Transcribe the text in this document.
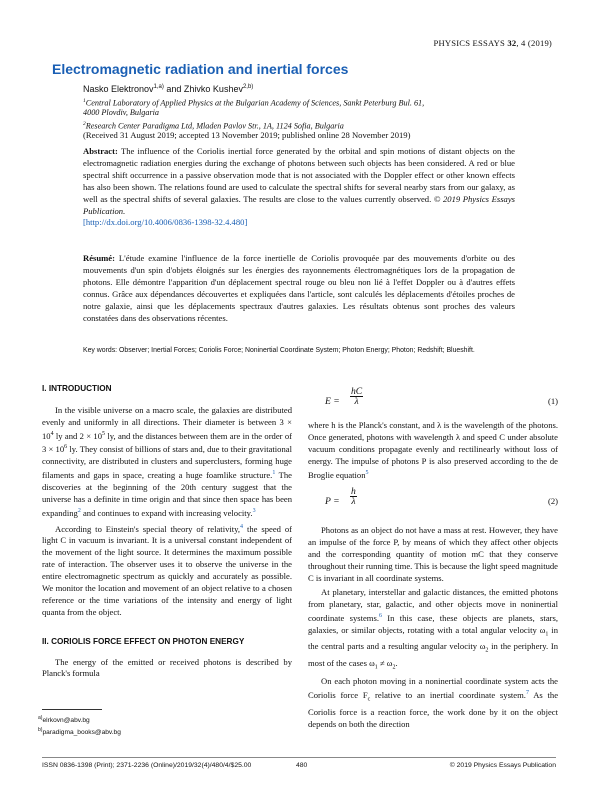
PHYSICS ESSAYS 32, 4 (2019)
Electromagnetic radiation and inertial forces
Nasko Elektronov$^{1,a)}$ and Zhivko Kushev$^{2,b)}$
$^1$Central Laboratory of Applied Physics at the Bulgarian Academy of Sciences, Sankt Peterburg Bul. 61,
4000 Plovdiv, Bulgaria
$^2$Research Center Paradigma Ltd, Mladen Pavlov Str., 1A, 1124 Sofia, Bulgaria
(Received 31 August 2019; accepted 13 November 2019; published online 28 November 2019)
Abstract: The influence of the Coriolis inertial force generated by the orbital and spin motions of distant objects on the electromagnetic radiation energies during the exchange of photons between such objects has been considered. A red or blue spectral shift occurrence in a passive observation mode that is not associated with the Doppler effect or other known effects has also been shown. The relations found are used to calculate the spectral shifts for several nearby stars from our galaxy, as well as the spectral shifts of several galaxies. The results are close to the values currently observed. © 2019 Physics Essays Publication.
[http://dx.doi.org/10.4006/0836-1398-32.4.480]
Résumé: L'étude examine l'influence de la force inertielle de Coriolis provoquée par des mouvements d'orbite ou des mouvements d'un spin d'objets éloignés sur les énergies des rayonnements électromagnétiques lors de la propagation de photons. Elle démontre l'apparition d'un déplacement spectral rouge ou bleu non lié à l'effet Doppler ou à d'autres effets connus. Grâce aux dépendances découvertes et expliquées dans l'article, sont calculés les déplacements d'étoiles proches de notre galaxie, ainsi que les déplacements spectraux d'autres galaxies. Les résultats obtenus sont proches des valeurs constatées dans des observations récentes.
Key words: Observer; Inertial Forces; Coriolis Force; Noninertial Coordinate System; Photon Energy; Photon; Redshift; Blueshift.
I. INTRODUCTION

In the visible universe on a macro scale, the galaxies are distributed evenly and uniformly in all directions. Their diameter is between $3 \times 10^4$ ly and $2 \times 10^5$ ly, and the distances between them are in the order of $3 \times 10^6$ ly. They consist of billions of stars and, due to their gravitational connectivity, are distributed in clusters and superclusters, forming huge filaments and gaps in space, creating a huge foamlike structure.$^1$ The discoveries at the beginning of the 20th century suggest that the universe has a definite in time origin and that since then space has been expanding$^2$ and continues to expand with increasing velocity.$^3$

According to Einstein's special theory of relativity,$^4$ the speed of light C in vacuum is invariant. It is a universal constant independent of the movement of the light source. It determines the maximum possible rate of interaction. The observer uses it to observe the universe in the entire electromagnetic spectrum as quickly and accurately as possible. We monitor the location and movement of an object relative to a chosen reference or the time variations of the intensity and energy of light quanta from the object.

II. CORIOLIS FORCE EFFECT ON PHOTON ENERGY

The energy of the emitted or received photons is described by Planck's formula

$E = \frac{hC}{\lambda}$	(1)

where h is the Planck's constant, and λ is the wavelength of the photons. Once generated, photons with wavelength λ and speed C under absolute vacuum conditions propagate evenly and rectilinearly without loss of energy. The impulse of photons P is also preserved according to the de Broglie equation$^5$

$P = \frac{h}{\lambda}$	(2)

Photons as an object do not have a mass at rest. However, they have an impulse of the force P, by means of which they affect other objects and the corresponding quantity of motion mC that they conserve throughout their running time. This is because the light speed magnitude C is invariant in all coordinate systems.

At planetary, interstellar and galactic distances, the emitted photons from planetary, star, galactic, and other objects move in noninertial coordinate systems.$^6$ In this case, these objects are planets, stars, galaxies, or similar objects, rotating with a total angular velocity $\omega_1$ in the central parts and a resulting angular velocity $\omega_2$ in the periphery. In most of the cases $\omega_1 \ne \omega_2$.

On each photon moving in a noninertial coordinate system acts the Coriolis force $F_c$ relative to an inertial coordinate system.$^7$ As the Coriolis force is a reaction force, the work done by it on the object depends on both the direction

$^{a)}$elrkovn@abv.bg
$^{b)}$paradigma_books@abv.bg
ISSN 0836-1398 (Print); 2371-2236 (Online)/2019/32(4)/480/4/$25.00	480	© 2019 Physics Essays Publication
